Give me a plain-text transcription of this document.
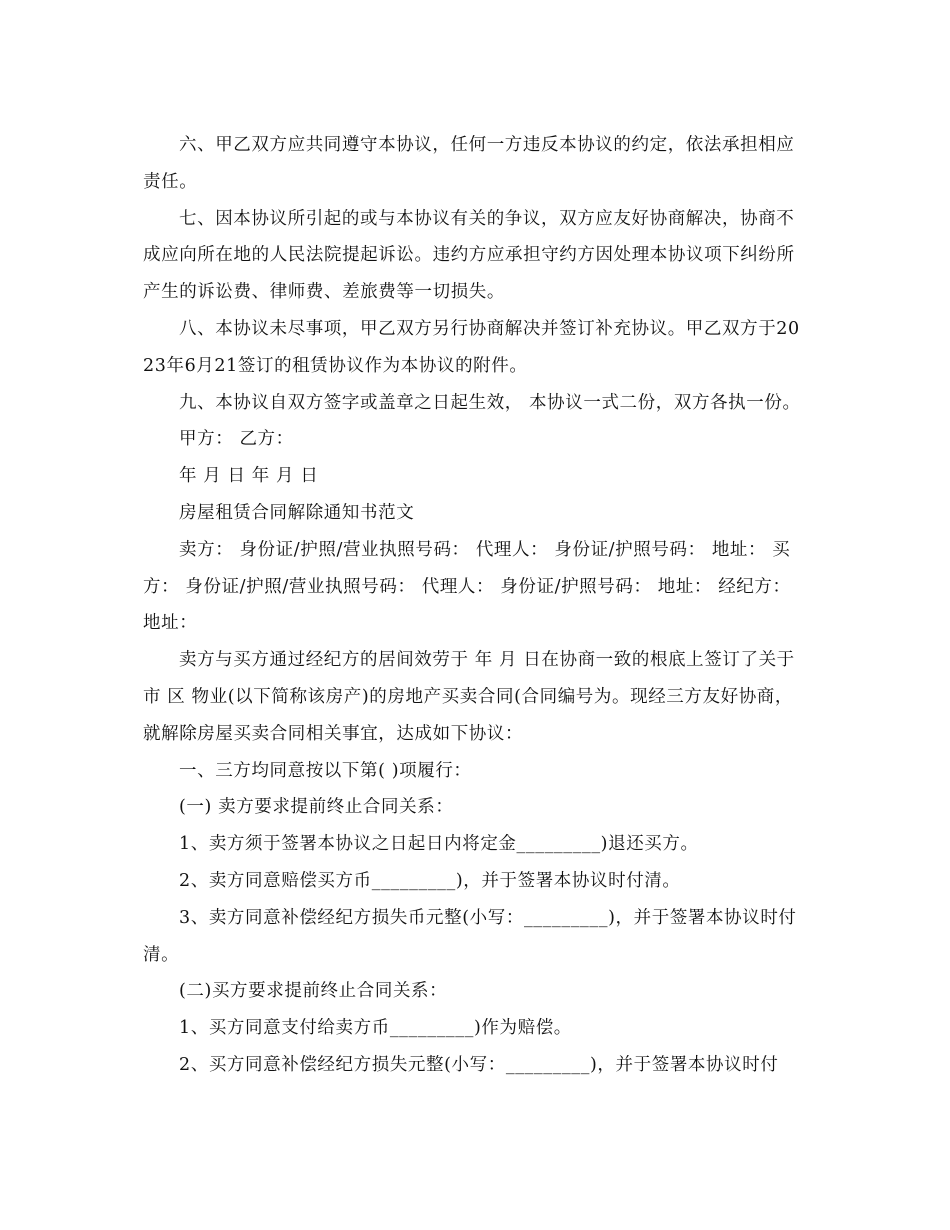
六、甲乙双方应共同遵守本协议，任何一方违反本协议的约定，依法承担相应责任。

七、因本协议所引起的或与本协议有关的争议，双方应友好协商解决，协商不成应向所在地的人民法院提起诉讼。违约方应承担守约方因处理本协议项下纠纷所产生的诉讼费、律师费、差旅费等一切损失。

八、本协议未尽事项，甲乙双方另行协商解决并签订补充协议。甲乙双方于2023年6月21签订的租赁协议作为本协议的附件。

九、本协议自双方签字或盖章之日起生效， 本协议一式二份，双方各执一份。

甲方： 乙方：

年 月 日 年 月 日

房屋租赁合同解除通知书范文

卖方： 身份证/护照/营业执照号码： 代理人： 身份证/护照号码： 地址： 买方： 身份证/护照/营业执照号码： 代理人： 身份证/护照号码： 地址： 经纪方： 地址：

卖方与买方通过经纪方的居间效劳于 年 月 日在协商一致的根底上签订了关于 市 区 物业(以下简称该房产)的房地产买卖合同(合同编号为。现经三方友好协商，就解除房屋买卖合同相关事宜，达成如下协议：

一、三方均同意按以下第( )项履行：

(一) 卖方要求提前终止合同关系：

1、卖方须于签署本协议之日起日内将定金_________)退还买方。

2、卖方同意赔偿买方币_________)，并于签署本协议时付清。

3、卖方同意补偿经纪方损失币元整(小写：_________)，并于签署本协议时付清。

(二)买方要求提前终止合同关系：

1、买方同意支付给卖方币_________)作为赔偿。

2、买方同意补偿经纪方损失元整(小写：_________)，并于签署本协议时付
